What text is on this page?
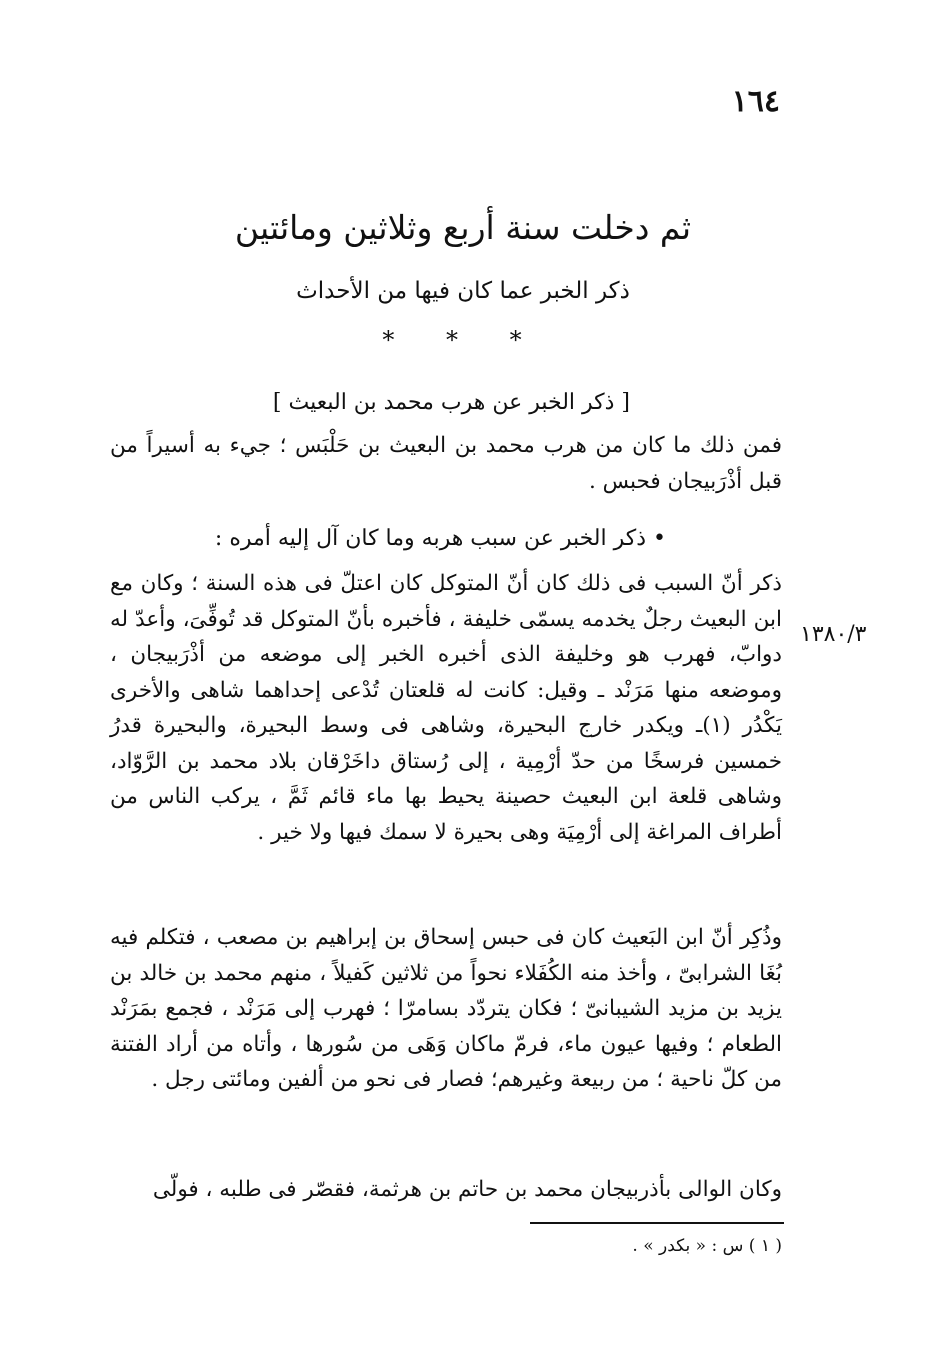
١٦٤
ثم دخلت سنة أربع وثلاثين ومائتين
ذكر الخبر عما كان فيها من الأحداث
* * *
[ ذكر الخبر عن هرب محمد بن البعيث ]
فمن ذلك ما كان من هرب محمد بن البعيث بن حَلْبَس ؛ جيء به أسيراً من قبل أذْرَبيجان فحبس .
• ذكر الخبر عن سبب هربه وما كان آل إليه أمره :
ذكر أنّ السبب فى ذلك كان أنّ المتوكل كان اعتلّ فى هذه السنة ؛ وكان مع ابن البعيث رجلٌ يخدمه يسمّى خليفة ، فأخبره بأنّ المتوكل قد تُوفِّىَ، وأعدّ له دوابّ، فهرب هو وخليفة الذى أخبره الخبر إلى موضعه من أذْرَبيجان ، وموضعه منها مَرَنْد ـ وقيل: كانت له قلعتان تُدْعى إحداهما شاهى والأخرى يَكْدُر (١)ـ ويكدر خارج البحيرة، وشاهى فى وسط البحيرة، والبحيرة قدرُ خمسين فرسخًا من حدّ أرْمِية ، إلى رُستاق داخَرْقان بلاد محمد بن الرَّوّاد، وشاهى قلعة ابن البعيث حصينة يحيط بها ماء قائم ثَمَّ ، يركب الناس من أطراف المراغة إلى أرْمِيَة وهى بحيرة لا سمك فيها ولا خير .
وذُكِر أنّ ابن البَعيث كان فى حبس إسحاق بن إبراهيم بن مصعب ، فتكلم فيه بُغَا الشرابىّ ، وأخذ منه الكُفَلاء نحواً من ثلاثين كَفيلاً ، منهم محمد بن خالد بن يزيد بن مزيد الشيبانىّ ؛ فكان يتردّد بسامرّا ؛ فهرب إلى مَرَنْد ، فجمع بمَرَنْد الطعام ؛ وفيها عيون ماء، فرمّ ماكان وَهَى من سُورها ، وأتاه من أراد الفتنة من كلّ ناحية ؛ من ربيعة وغيرهم؛ فصار فى نحو من ألفين ومائتى رجل .
وكان الوالى بأذربيجان محمد بن حاتم بن هرثمة، فقصّر فى طلبه ، فولّى
١٣٨٠/٣
( ١ ) س : « بكدر » .
